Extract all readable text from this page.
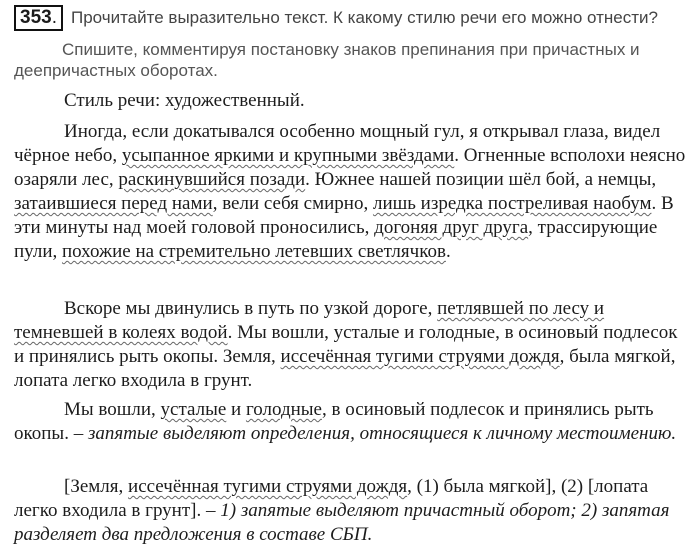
353. Прочитайте выразительно текст. К какому стилю речи его можно отнести?
Спишите, комментируя постановку знаков препинания при причастных и деепричастных оборотах.
Стиль речи: художественный.
Иногда, если докатывался особенно мощный гул, я открывал глаза, видел чёрное небо, усыпанное яркими и крупными звёздами. Огненные всполохи неясно озаряли лес, раскинувшийся позади. Южнее нашей позиции шёл бой, а немцы, затаившиеся перед нами, вели себя смирно, лишь изредка постреливая наобум. В эти минуты над моей головой проносились, догоняя друг друга, трассирующие пули, похожие на стремительно летевших светлячков.
Вскоре мы двинулись в путь по узкой дороге, петлявшей по лесу и темневшей в колеях водой. Мы вошли, усталые и голодные, в осиновый подлесок и принялись рыть окопы. Земля, иссечённая тугими струями дождя, была мягкой, лопата легко входила в грунт.
Мы вошли, усталые и голодные, в осиновый подлесок и принялись рыть окопы. – запятые выделяют определения, относящиеся к личному местоимению.
[Земля, иссечённая тугими струями дождя, (1) была мягкой], (2) [лопата легко входила в грунт]. – 1) запятые выделяют причастный оборот; 2) запятая разделяет два предложения в составе СБП.
